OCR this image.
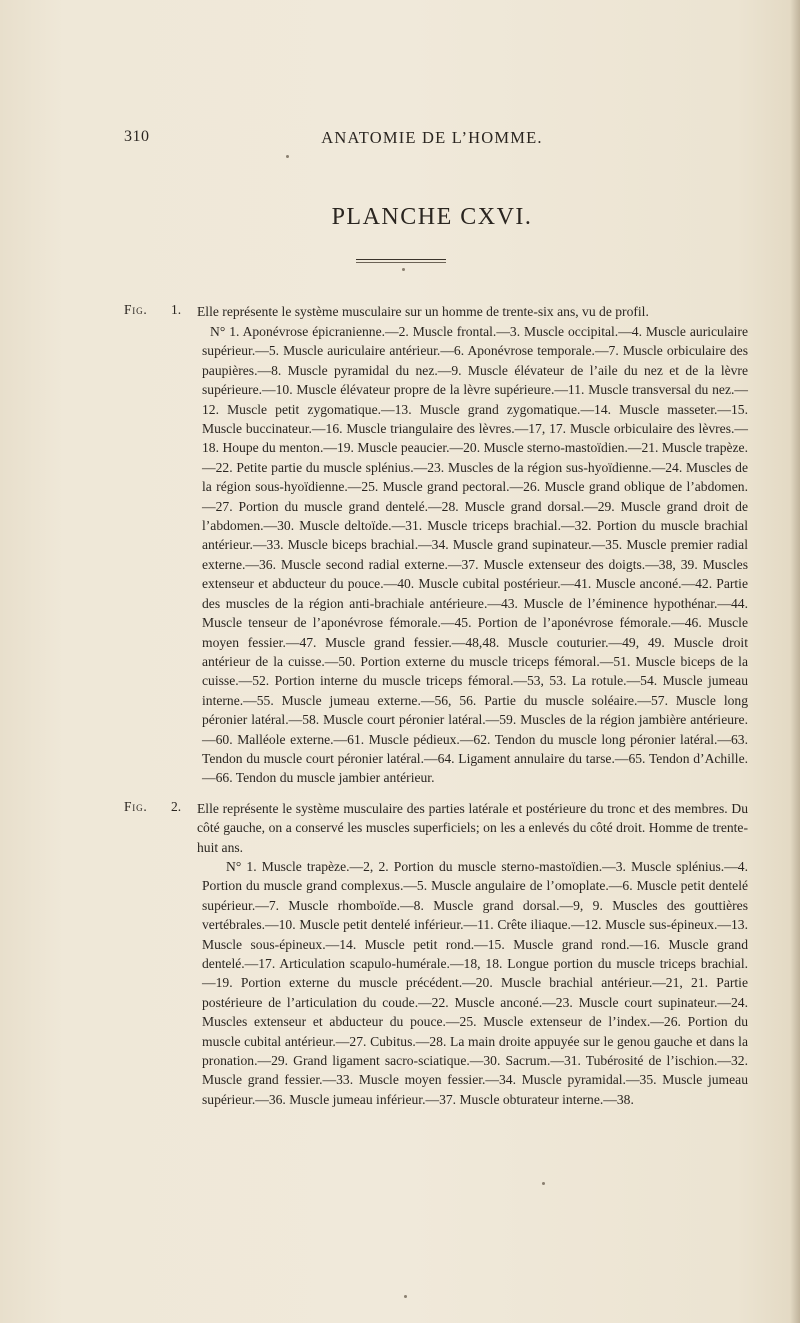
310	ANATOMIE DE L’HOMME.
PLANCHE CXVI.
Fig. 1. Elle représente le système musculaire sur un homme de trente-six ans, vu de profil.
N° 1. Aponévrose épicranienne.—2. Muscle frontal.—3. Muscle occipital.—4. Muscle auriculaire supérieur.—5. Muscle auriculaire antérieur.—6. Aponévrose temporale.—7. Muscle orbiculaire des paupières.—8. Muscle pyramidal du nez.—9. Muscle élévateur de l’aile du nez et de la lèvre supérieure.—10. Muscle élévateur propre de la lèvre supérieure.—11. Muscle transversal du nez.—12. Muscle petit zygomatique.—13. Muscle grand zygomatique.—14. Muscle masseter.—15. Muscle buccinateur.—16. Muscle triangulaire des lèvres.—17, 17. Muscle orbiculaire des lèvres.—18. Houpe du menton.—19. Muscle peaucier.—20. Muscle sterno-mastoïdien.—21. Muscle trapèze.—22. Petite partie du muscle splénius.—23. Muscles de la région sus-hyoïdienne.—24. Muscles de la région sous-hyoïdienne.—25. Muscle grand pectoral.—26. Muscle grand oblique de l’abdomen.—27. Portion du muscle grand dentelé.—28. Muscle grand dorsal.—29. Muscle grand droit de l’abdomen.—30. Muscle deltoïde.—31. Muscle triceps brachial.—32. Portion du muscle brachial antérieur.—33. Muscle biceps brachial.—34. Muscle grand supinateur.—35. Muscle premier radial externe.—36. Muscle second radial externe.—37. Muscle extenseur des doigts.—38, 39. Muscles extenseur et abducteur du pouce.—40. Muscle cubital postérieur.—41. Muscle anconé.—42. Partie des muscles de la région anti-brachiale antérieure.—43. Muscle de l’éminence hypothénar.—44. Muscle tenseur de l’aponévrose fémorale.—45. Portion de l’aponévrose fémorale.—46. Muscle moyen fessier.—47. Muscle grand fessier.—48,48. Muscle couturier.—49, 49. Muscle droit antérieur de la cuisse.—50. Portion externe du muscle triceps fémoral.—51. Muscle biceps de la cuisse.—52. Portion interne du muscle triceps fémoral.—53, 53. La rotule.—54. Muscle jumeau interne.—55. Muscle jumeau externe.—56, 56. Partie du muscle soléaire.—57. Muscle long péronier latéral.—58. Muscle court péronier latéral.—59. Muscles de la région jambière antérieure.—60. Malléole externe.—61. Muscle pédieux.—62. Tendon du muscle long péronier latéral.—63. Tendon du muscle court péronier latéral.—64. Ligament annulaire du tarse.—65. Tendon d’Achille.—66. Tendon du muscle jambier antérieur.
Fig. 2. Elle représente le système musculaire des parties latérale et postérieure du tronc et des membres. Du côté gauche, on a conservé les muscles superficiels; on les a enlevés du côté droit. Homme de trente-huit ans.
N° 1. Muscle trapèze.—2, 2. Portion du muscle sterno-mastoïdien.—3. Muscle splénius.—4. Portion du muscle grand complexus.—5. Muscle angulaire de l’omoplate.—6. Muscle petit dentelé supérieur.—7. Muscle rhomboïde.—8. Muscle grand dorsal.—9, 9. Muscles des gouttières vertébrales.—10. Muscle petit dentelé inférieur.—11. Crête iliaque.—12. Muscle sus-épineux.—13. Muscle sous-épineux.—14. Muscle petit rond.—15. Muscle grand rond.—16. Muscle grand dentelé.—17. Articulation scapulo-humérale.—18, 18. Longue portion du muscle triceps brachial.—19. Portion externe du muscle précédent.—20. Muscle brachial antérieur.—21, 21. Partie postérieure de l’articulation du coude.—22. Muscle anconé.—23. Muscle court supinateur.—24. Muscles extenseur et abducteur du pouce.—25. Muscle extenseur de l’index.—26. Portion du muscle cubital antérieur.—27. Cubitus.—28. La main droite appuyée sur le genou gauche et dans la pronation.—29. Grand ligament sacro-sciatique.—30. Sacrum.—31. Tubérosité de l’ischion.—32. Muscle grand fessier.—33. Muscle moyen fessier.—34. Muscle pyramidal.—35. Muscle jumeau supérieur.—36. Muscle jumeau inférieur.—37. Muscle obturateur interne.—38.
